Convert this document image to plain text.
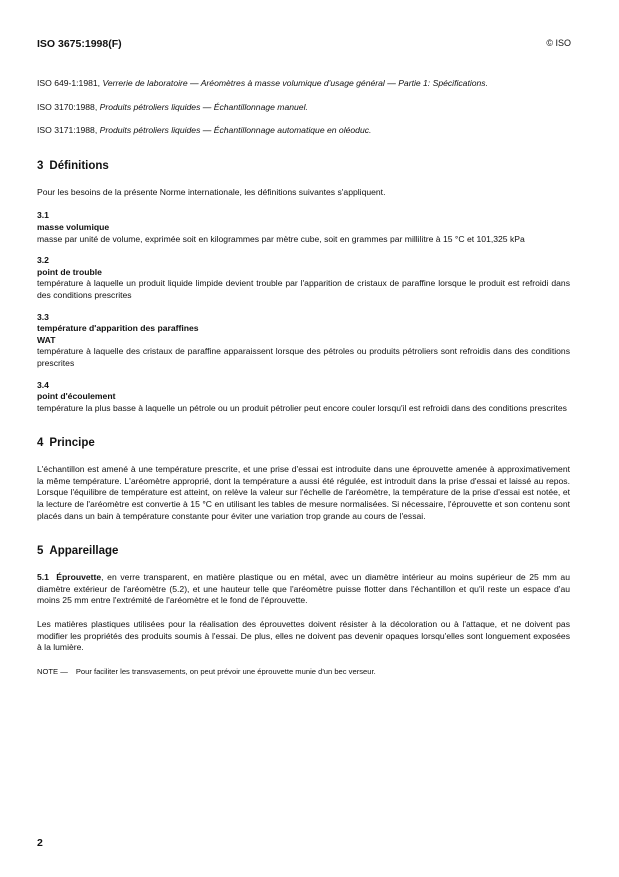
ISO 3675:1998(F)	© ISO
ISO 649-1:1981, Verrerie de laboratoire — Aréomètres à masse volumique d'usage général — Partie 1: Spécifications.
ISO 3170:1988, Produits pétroliers liquides — Échantillonnage manuel.
ISO 3171:1988, Produits pétroliers liquides — Échantillonnage automatique en oléoduc.
3 Définitions

Pour les besoins de la présente Norme internationale, les définitions suivantes s'appliquent.

3.1
masse volumique
masse par unité de volume, exprimée soit en kilogrammes par mètre cube, soit en grammes par millilitre à 15 °C et 101,325 kPa
3.2
point de trouble
température à laquelle un produit liquide limpide devient trouble par l'apparition de cristaux de paraffine lorsque le produit est refroidi dans des conditions prescrites
3.3
température d'apparition des paraffines
WAT
température à laquelle des cristaux de paraffine apparaissent lorsque des pétroles ou produits pétroliers sont refroidis dans des conditions prescrites
3.4
point d'écoulement
température la plus basse à laquelle un pétrole ou un produit pétrolier peut encore couler lorsqu'il est refroidi dans des conditions prescrites
4 Principe

L'échantillon est amené à une température prescrite, et une prise d'essai est introduite dans une éprouvette amenée à approximativement la même température. L'aréomètre approprié, dont la température a aussi été régulée, est introduit dans la prise d'essai et laissé au repos. Lorsque l'équilibre de température est atteint, on relève la valeur sur l'échelle de l'aréomètre, la température de la prise d'essai est notée, et la lecture de l'aréomètre est convertie à 15 °C en utilisant les tables de mesure normalisées. Si nécessaire, l'éprouvette et son contenu sont placés dans un bain à température constante pour éviter une variation trop grande au cours de l'essai.

5 Appareillage

5.1 Éprouvette, en verre transparent, en matière plastique ou en métal, avec un diamètre intérieur au moins supérieur de 25 mm au diamètre extérieur de l'aréomètre (5.2), et une hauteur telle que l'aréomètre puisse flotter dans l'échantillon et qu'il reste un espace d'au moins 25 mm entre l'extrémité de l'aréomètre et le fond de l'éprouvette.

Les matières plastiques utilisées pour la réalisation des éprouvettes doivent résister à la décoloration ou à l'attaque, et ne doivent pas modifier les propriétés des produits soumis à l'essai. De plus, elles ne doivent pas devenir opaques lorsqu'elles sont longuement exposées à la lumière.

NOTE — Pour faciliter les transvasements, on peut prévoir une éprouvette munie d'un bec verseur.
2
